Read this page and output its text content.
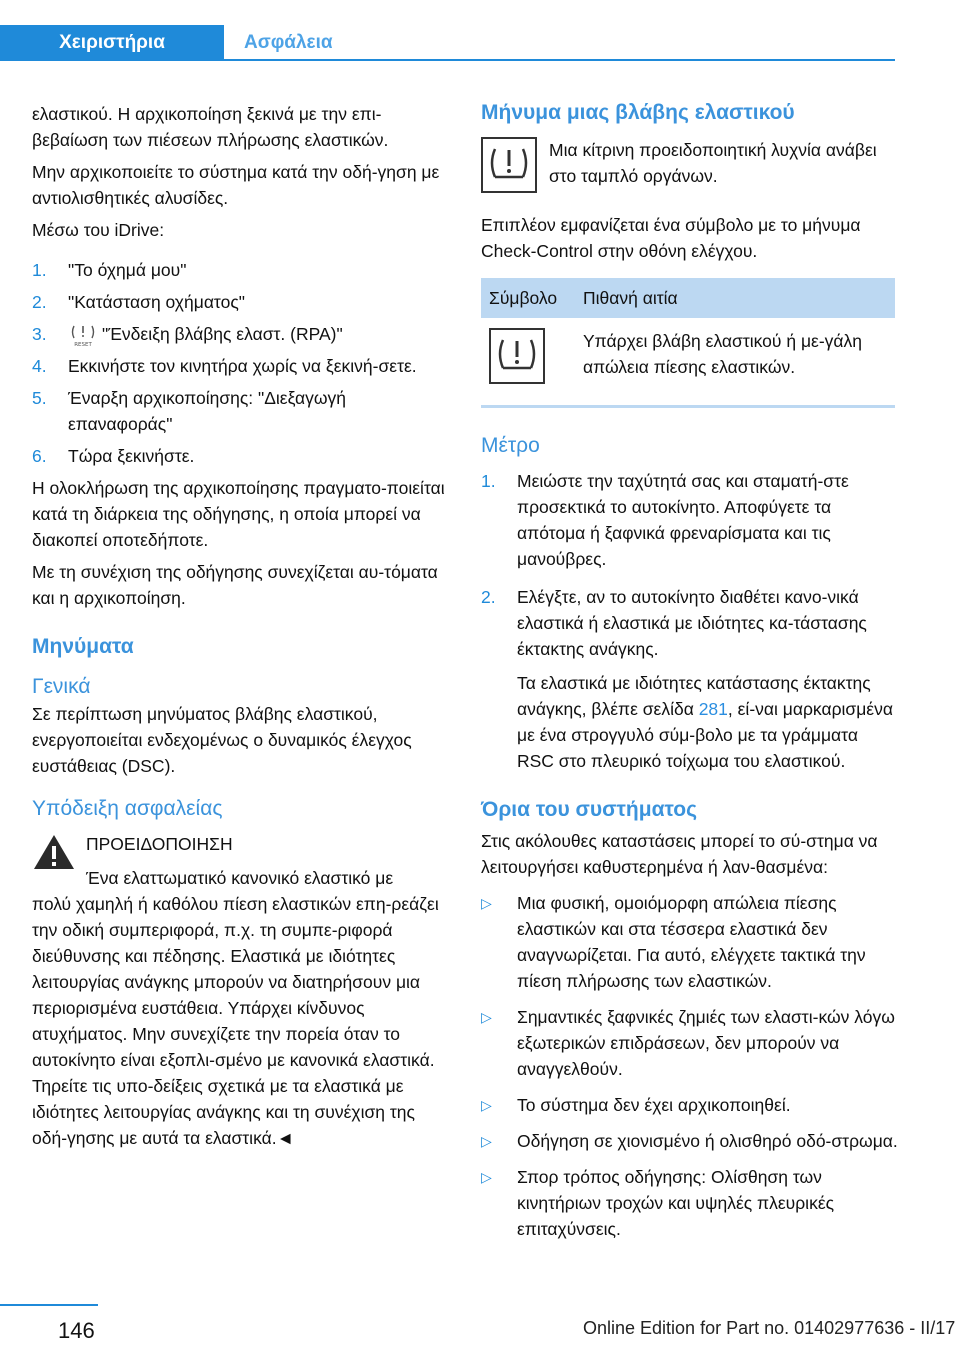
Χειριστήρια	Ασφάλεια

ελαστικού. Η αρχικοποίηση ξεκινά με την επι-βεβαίωση των πιέσεων πλήρωσης ελαστικών.

Μην αρχικοποιείτε το σύστημα κατά την οδή-γηση με αντιολισθητικές αλυσίδες.

Μέσω του iDrive:

1.	"Το όχημά μου"
2.	"Κατάσταση οχήματος"
3.
RESET
"Ένδειξη βλάβης ελαστ. (RPA)"
4.	Εκκινήστε τον κινητήρα χωρίς να ξεκινή-σετε.
5.	Έναρξη αρχικοποίησης: "Διεξαγωγή επαναφοράς"
6.	Τώρα ξεκινήστε.

Η ολοκλήρωση της αρχικοποίησης πραγματο-ποιείται κατά τη διάρκεια της οδήγησης, η οποία μπορεί να διακοπεί οποτεδήποτε.

Με τη συνέχιση της οδήγησης συνεχίζεται αυ-τόματα και η αρχικοποίηση.

Μηνύματα
Γενικά

Σε περίπτωση μηνύματος βλάβης ελαστικού, ενεργοποιείται ενδεχομένως ο δυναμικός έλεγχος ευστάθειας (DSC).

Υπόδειξη ασφαλείας

ΠΡΟΕΙΔΟΠΟΙΗΣΗ

Ένα ελαττωματικό κανονικό ελαστικό με

πολύ χαμηλή ή καθόλου πίεση ελαστικών επη-ρεάζει την οδική συμπεριφορά, π.χ. τη συμπε-ριφορά διεύθυνσης και πέδησης. Ελαστικά με ιδιότητες λειτουργίας ανάγκης μπορούν να διατηρήσουν μια περιορισμένα ευστάθεια. Υπάρχει κίνδυνος ατυχήματος. Μην συνεχίζετε την πορεία όταν το αυτοκίνητο είναι εξοπλι-σμένο με κανονικά ελαστικά. Τηρείτε τις υπο-δείξεις σχετικά με τα ελαστικά με ιδιότητες λειτουργίας ανάγκης και τη συνέχιση της οδή-γησης με αυτά τα ελαστικά.◄

Μήνυμα μιας βλάβης ελαστικού

Μια κίτρινη προειδοποιητική λυχνία ανάβει στο ταμπλό οργάνων.

Επιπλέον εμφανίζεται ένα σύμβολο με το μήνυμα Check-Control στην οθόνη ελέγχου.

Σύμβολο	Πιθανή αιτία
	Υπάρχει βλάβη ελαστικού ή με-γάλη απώλεια πίεσης ελαστικών.
Μέτρο
1.	Μειώστε την ταχύτητά σας και σταματή-στε προσεκτικά το αυτοκίνητο. Αποφύγετε τα απότομα ή ξαφνικά φρεναρίσματα και τις μανούβρες.
2.	Ελέγξτε, αν το αυτοκίνητο διαθέτει κανο-νικά ελαστικά ή ελαστικά με ιδιότητες κα-τάστασης έκτακτης ανάγκης.

Τα ελαστικά με ιδιότητες κατάστασης έκτακτης ανάγκης, βλέπε σελίδα 281, εί-ναι μαρκαρισμένα με ένα στρογγυλό σύμ-βολο με τα γράμματα RSC στο πλευρικό τοίχωμα του ελαστικού.

Όρια του συστήματος

Στις ακόλουθες καταστάσεις μπορεί το σύ-στημα να λειτουργήσει καθυστερημένα ή λαν-θασμένα:

▷	Μια φυσική, ομοιόμορφη απώλεια πίεσης ελαστικών και στα τέσσερα ελαστικά δεν αναγνωρίζεται. Για αυτό, ελέγχετε τακτικά την πίεση πλήρωσης των ελαστικών.
▷	Σημαντικές ξαφνικές ζημιές των ελαστι-κών λόγω εξωτερικών επιδράσεων, δεν μπορούν να αναγγελθούν.
▷	Το σύστημα δεν έχει αρχικοποιηθεί.
▷	Οδήγηση σε χιονισμένο ή ολισθηρό οδό-στρωμα.
▷	Σπορ τρόπος οδήγησης: Ολίσθηση των κινητήριων τροχών και υψηλές πλευρικές επιταχύνσεις.
146	Online Edition for Part no. 01402977636 - II/17
